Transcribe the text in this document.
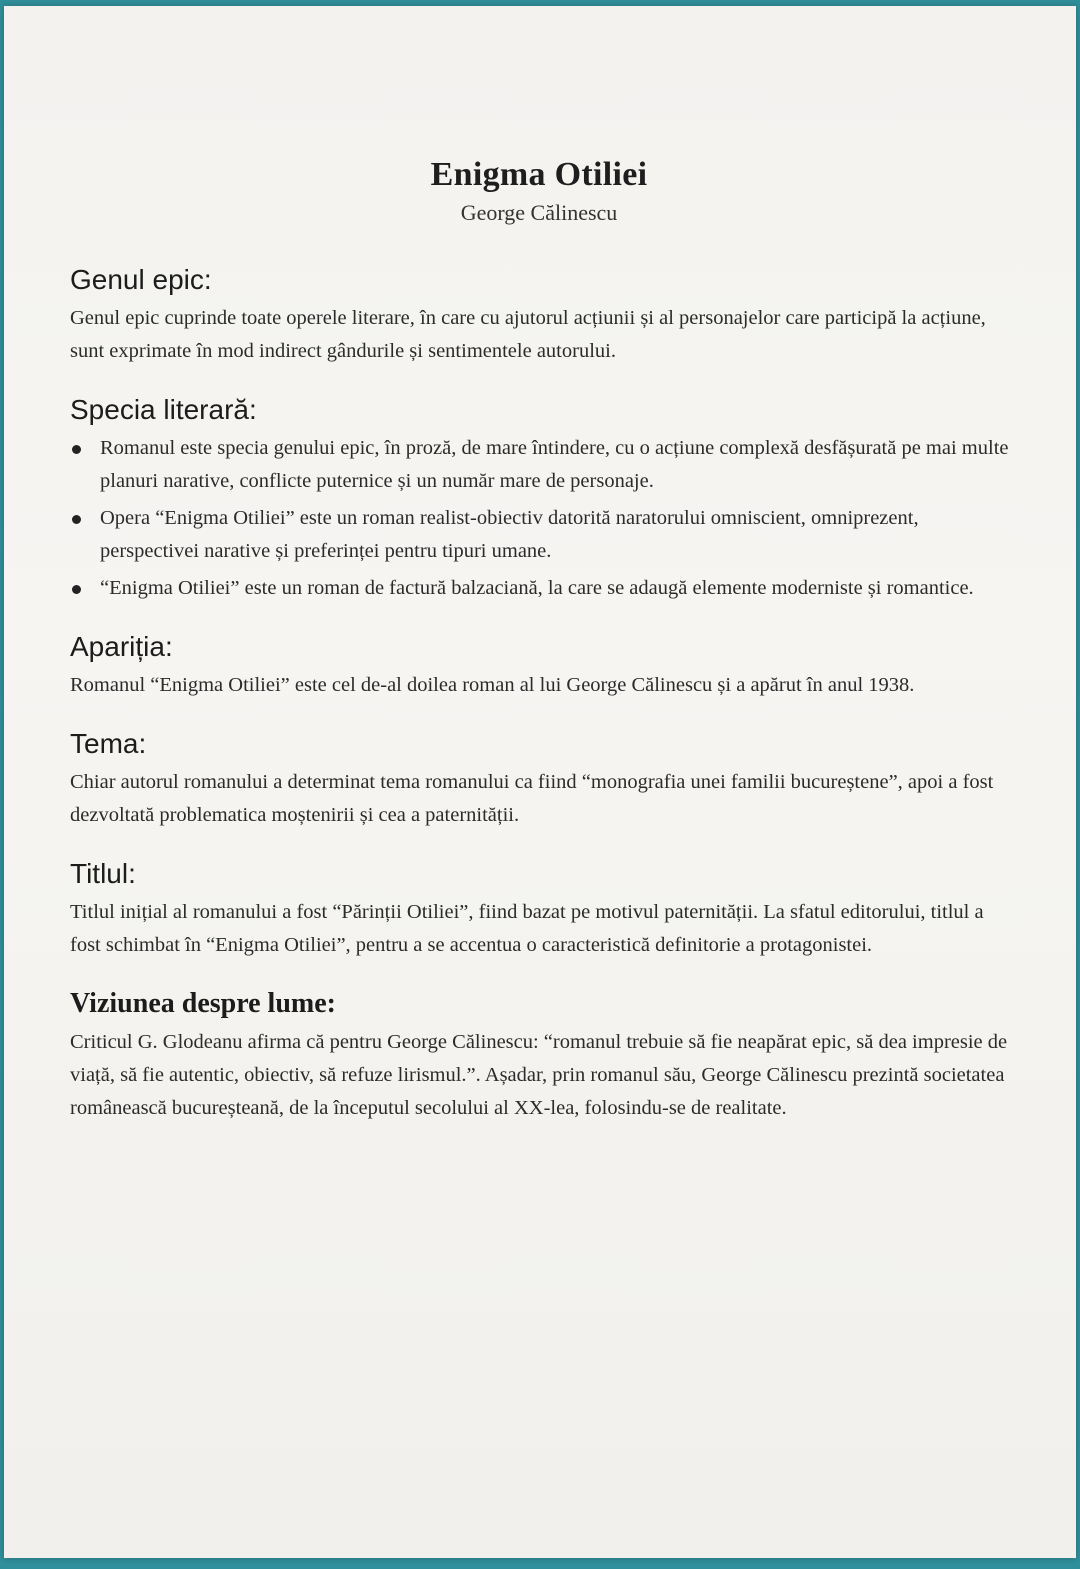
Enigma Otiliei

George Călinescu

Genul epic:

Genul epic cuprinde toate operele literare, în care cu ajutorul acțiunii și al personajelor care participă la acțiune, sunt exprimate în mod indirect gândurile și sentimentele autorului.

Specia literară:
Romanul este specia genului epic, în proză, de mare întindere, cu o acțiune complexă desfășurată pe mai multe planuri narative, conflicte puternice și un număr mare de personaje.
Opera “Enigma Otiliei” este un roman realist-obiectiv datorită naratorului omniscient, omniprezent, perspectivei narative și preferinței pentru tipuri umane.
“Enigma Otiliei” este un roman de factură balzaciană, la care se adaugă elemente moderniste și romantice.
Apariția:

Romanul “Enigma Otiliei” este cel de-al doilea roman al lui George Călinescu și a apărut în anul 1938.

Tema:

Chiar autorul romanului a determinat tema romanului ca fiind “monografia unei familii bucureștene”, apoi a fost dezvoltată problematica moștenirii și cea a paternității.

Titlul:

Titlul inițial al romanului a fost “Părinții Otiliei”, fiind bazat pe motivul paternității. La sfatul editorului, titlul a fost schimbat în “Enigma Otiliei”, pentru a se accentua o caracteristică definitorie a protagonistei.

Viziunea despre lume:

Criticul G. Glodeanu afirma că pentru George Călinescu: “romanul trebuie să fie neapărat epic, să dea impresie de viață, să fie autentic, obiectiv, să refuze lirismul.”. Așadar, prin romanul său, George Călinescu prezintă societatea românească bucureșteană, de la începutul secolului al XX-lea, folosindu-se de realitate.
